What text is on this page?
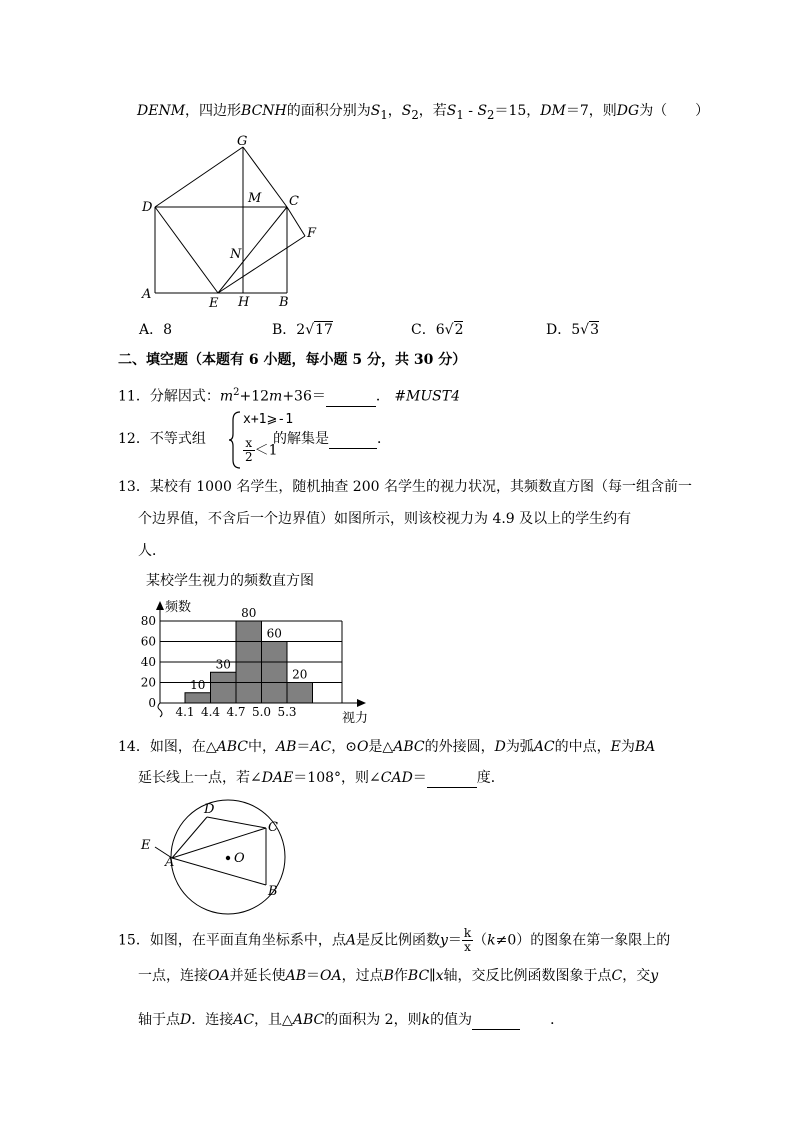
DENM，四边形BCNH的面积分别为$S_1$，$S_2$，若$S_1 - S_2=15$，DM＝7，则DG为（　　）
G
D
M C
F
N
A
E H B
A．8	B．2√17	C．6√2	D．5√3
二、填空题（本题有 6 小题，每小题 5 分，共 30 分）
11．分解因式：$m^2+12m+36=$	． #MUST4
12．不等式组
x+1⩾-1
$\frac{x}{2} <1$
的解集是	．
13．某校有 1000 名学生，随机抽查 200 名学生的视力状况，其频数直方图（每一组含前一
个边界值，不含后一个边界值）如图所示，则该校视力为 4.9 及以上的学生约有
人．
某校学生视力的频数直方图
10
30
80
60
20
0
20
40
60
80
4.1 4.4 4.7 5.0 5.3
频数
视力
14．如图，在△ABC中，AB＝AC，⊙O是△ABC的外接圆，D为弧AC的中点，E为BA
延长线上一点，若∠DAE＝108°，则∠CAD＝	度．
D
C
E
A	O
B
15．如图，在平面直角坐标系中，点A是反比例函数$y= \frac{k}{x} (k\ne 0)$的图象在第一象限上的
一点，连接OA并延长使AB＝OA，过点B作BC∥x轴，交反比例函数图象于点C，交y
轴于点D．连接AC，且△ABC的面积为 2，则k的值为	．
